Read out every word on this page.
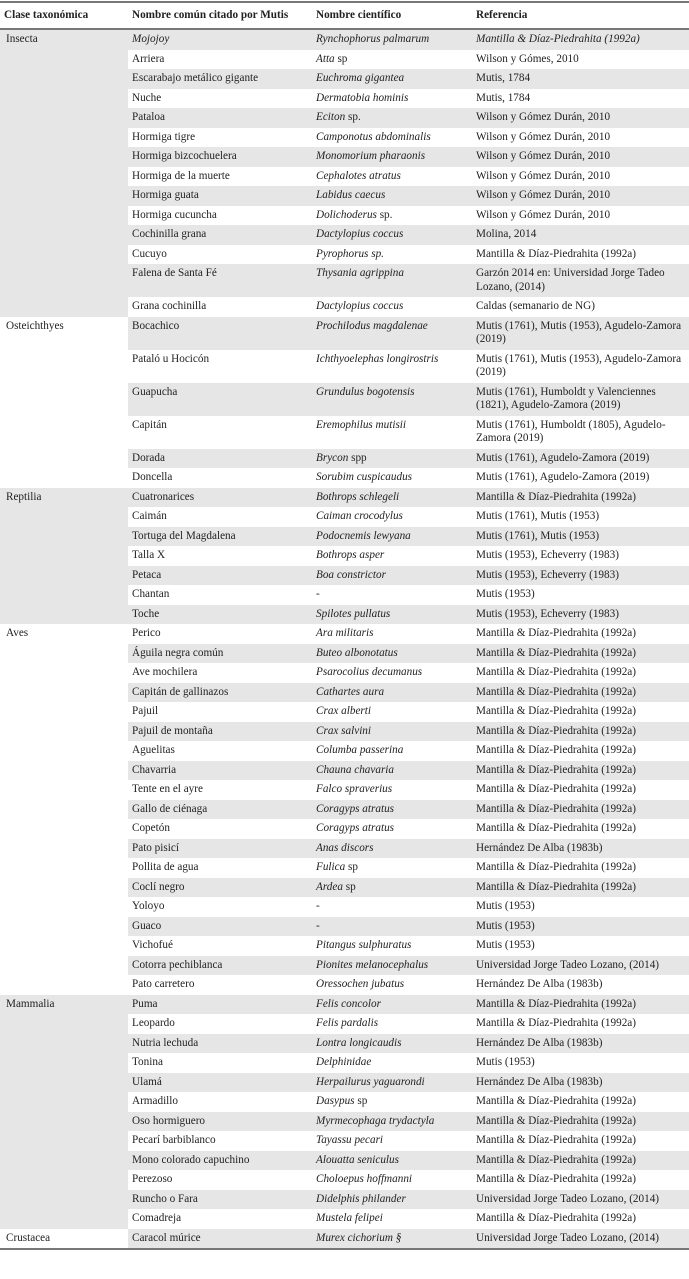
Clase taxonómica	Nombre común citado por Mutis	Nombre científico	Referencia
Insecta	Mojojoy	Rynchophorus palmarum	Mantilla & Díaz-Piedrahita (1992a)
	Arriera	Atta sp	Wilson y Gómes, 2010
	Escarabajo metálico gigante	Euchroma gigantea	Mutis, 1784
	Nuche	Dermatobia hominis	Mutis, 1784
	Pataloa	Eciton sp.	Wilson y Gómez Durán, 2010
	Hormiga tigre	Camponotus abdominalis	Wilson y Gómez Durán, 2010
	Hormiga bizcochuelera	Monomorium pharaonis	Wilson y Gómez Durán, 2010
	Hormiga de la muerte	Cephalotes atratus	Wilson y Gómez Durán, 2010
	Hormiga guata	Labidus caecus	Wilson y Gómez Durán, 2010
	Hormiga cucuncha	Dolichoderus sp.	Wilson y Gómez Durán, 2010
	Cochinilla grana	Dactylopius coccus	Molina, 2014
	Cucuyo	Pyrophorus sp.	Mantilla & Díaz-Piedrahita (1992a)
	Falena de Santa Fé	Thysania agrippina	Garzón 2014 en: Universidad Jorge Tadeo Lozano, (2014)
	Grana cochinilla	Dactylopius coccus	Caldas (semanario de NG)
Osteichthyes	Bocachico	Prochilodus magdalenae	Mutis (1761), Mutis (1953), Agudelo-Zamora (2019)
	Pataló u Hocicón	Ichthyoelephas longirostris	Mutis (1761), Mutis (1953), Agudelo-Zamora (2019)
	Guapucha	Grundulus bogotensis	Mutis (1761), Humboldt y Valenciennes (1821), Agudelo-Zamora (2019)
	Capitán	Eremophilus mutisii	Mutis (1761), Humboldt (1805), Agudelo-Zamora (2019)
	Dorada	Brycon spp	Mutis (1761), Agudelo-Zamora (2019)
	Doncella	Sorubim cuspicaudus	Mutis (1761), Agudelo-Zamora (2019)
Reptilia	Cuatronarices	Bothrops schlegeli	Mantilla & Díaz-Piedrahita (1992a)
	Caimán	Caiman crocodylus	Mutis (1761), Mutis (1953)
	Tortuga del Magdalena	Podocnemis lewyana	Mutis (1761), Mutis (1953)
	Talla X	Bothrops asper	Mutis (1953), Echeverry (1983)
	Petaca	Boa constrictor	Mutis (1953), Echeverry (1983)
	Chantan	-	Mutis (1953)
	Toche	Spilotes pullatus	Mutis (1953), Echeverry (1983)
Aves	Perico	Ara militaris	Mantilla & Díaz-Piedrahita (1992a)
	Águila negra común	Buteo albonotatus	Mantilla & Díaz-Piedrahita (1992a)
	Ave mochilera	Psarocolius decumanus	Mantilla & Díaz-Piedrahita (1992a)
	Capitán de gallinazos	Cathartes aura	Mantilla & Díaz-Piedrahita (1992a)
	Pajuil	Crax alberti	Mantilla & Díaz-Piedrahita (1992a)
	Pajuil de montaña	Crax salvini	Mantilla & Díaz-Piedrahita (1992a)
	Aguelitas	Columba passerina	Mantilla & Díaz-Piedrahita (1992a)
	Chavarria	Chauna chavaria	Mantilla & Díaz-Piedrahita (1992a)
	Tente en el ayre	Falco spraverius	Mantilla & Díaz-Piedrahita (1992a)
	Gallo de ciénaga	Coragyps atratus	Mantilla & Díaz-Piedrahita (1992a)
	Copetón	Coragyps atratus	Mantilla & Díaz-Piedrahita (1992a)
	Pato pisicí	Anas discors	Hernández De Alba (1983b)
	Pollita de agua	Fulica sp	Mantilla & Díaz-Piedrahita (1992a)
	Coclí negro	Ardea sp	Mantilla & Díaz-Piedrahita (1992a)
	Yoloyo	-	Mutis (1953)
	Guaco	-	Mutis (1953)
	Vichofué	Pitangus sulphuratus	Mutis (1953)
	Cotorra pechiblanca	Pionites melanocephalus	Universidad Jorge Tadeo Lozano, (2014)
	Pato carretero	Oressochen jubatus	Hernández De Alba (1983b)
Mammalia	Puma	Felis concolor	Mantilla & Díaz-Piedrahita (1992a)
	Leopardo	Felis pardalis	Mantilla & Díaz-Piedrahita (1992a)
	Nutria lechuda	Lontra longicaudis	Hernández De Alba (1983b)
	Tonina	Delphinidae	Mutis (1953)
	Ulamá	Herpailurus yaguarondi	Hernández De Alba (1983b)
	Armadillo	Dasypus sp	Mantilla & Díaz-Piedrahita (1992a)
	Oso hormiguero	Myrmecophaga trydactyla	Mantilla & Díaz-Piedrahita (1992a)
	Pecarí barbiblanco	Tayassu pecari	Mantilla & Díaz-Piedrahita (1992a)
	Mono colorado capuchino	Alouatta seniculus	Mantilla & Díaz-Piedrahita (1992a)
	Perezoso	Choloepus hoffmanni	Mantilla & Díaz-Piedrahita (1992a)
	Runcho o Fara	Didelphis philander	Universidad Jorge Tadeo Lozano, (2014)
	Comadreja	Mustela felipei	Mantilla & Díaz-Piedrahita (1992a)
Crustacea	Caracol múrice	Murex cichorium §	Universidad Jorge Tadeo Lozano, (2014)
